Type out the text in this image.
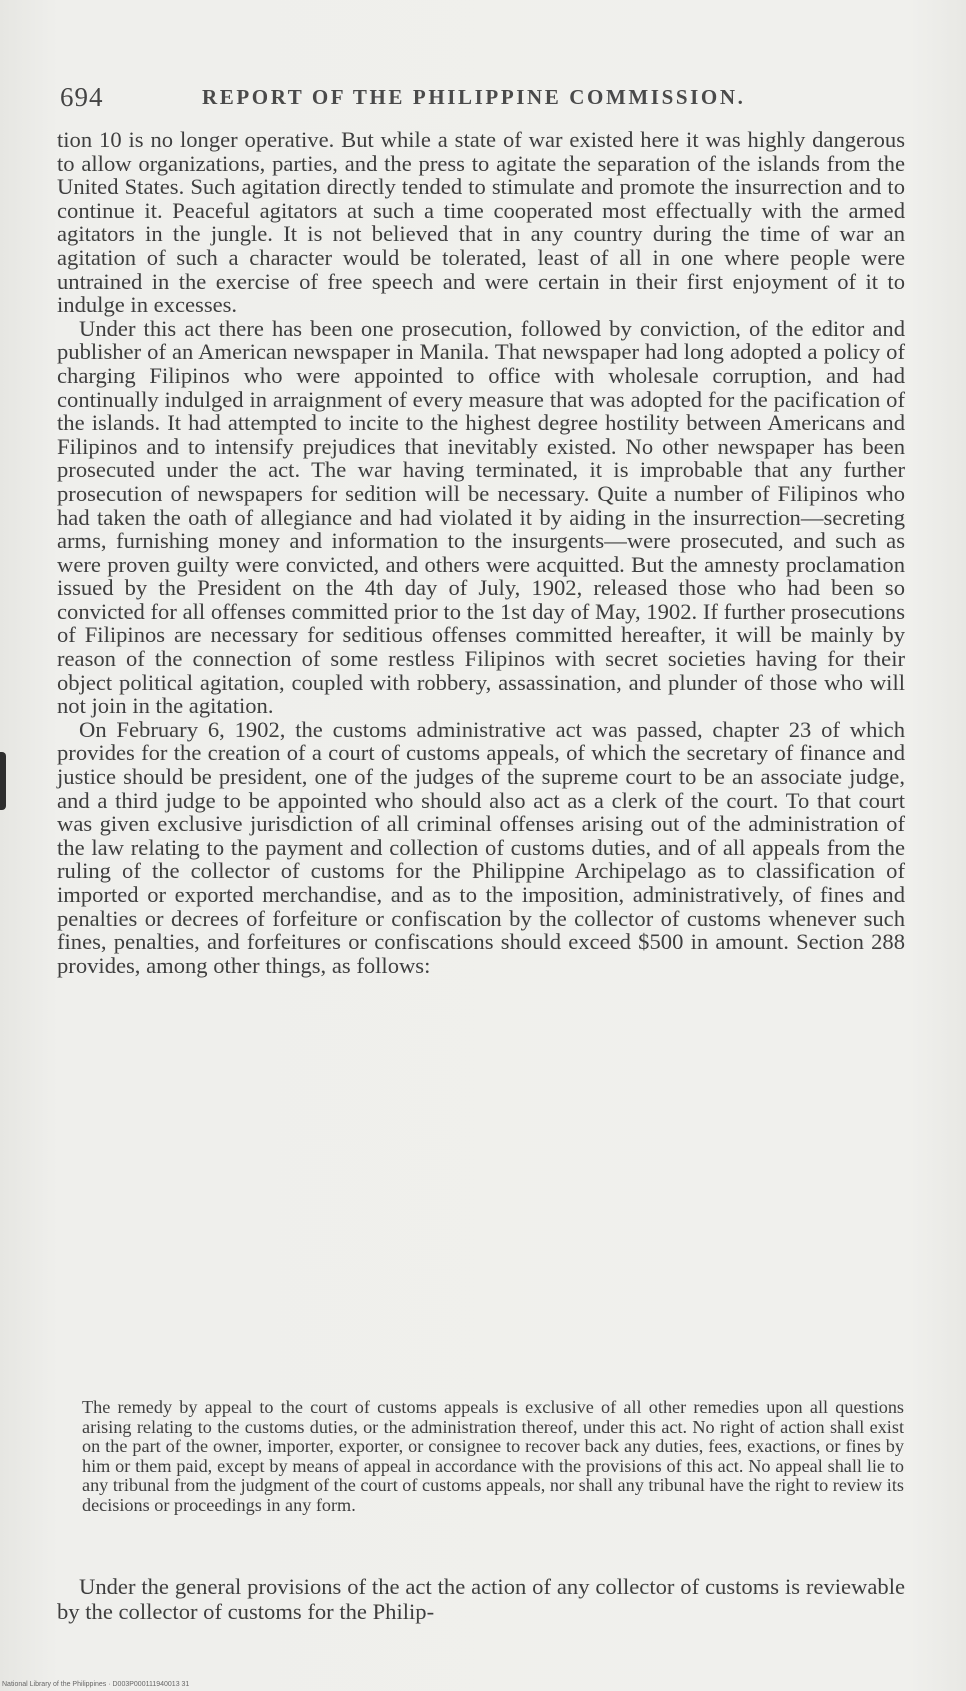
694	REPORT OF THE PHILIPPINE COMMISSION.

tion 10 is no longer operative. But while a state of war existed here it was highly dangerous to allow organizations, parties, and the press to agitate the separation of the islands from the United States. Such agitation directly tended to stimulate and promote the insurrection and to continue it. Peaceful agitators at such a time cooperated most effectually with the armed agitators in the jungle. It is not believed that in any country during the time of war an agitation of such a character would be tolerated, least of all in one where people were untrained in the exercise of free speech and were certain in their first enjoyment of it to indulge in excesses.

Under this act there has been one prosecution, followed by conviction, of the editor and publisher of an American newspaper in Manila. That newspaper had long adopted a policy of charging Filipinos who were appointed to office with wholesale corruption, and had continually indulged in arraignment of every measure that was adopted for the pacification of the islands. It had attempted to incite to the highest degree hostility between Americans and Filipinos and to intensify prejudices that inevitably existed. No other newspaper has been prosecuted under the act. The war having terminated, it is improbable that any further prosecution of newspapers for sedition will be necessary. Quite a number of Filipinos who had taken the oath of allegiance and had violated it by aiding in the insurrection—secreting arms, furnishing money and information to the insurgents—were prosecuted, and such as were proven guilty were convicted, and others were acquitted. But the amnesty proclamation issued by the President on the 4th day of July, 1902, released those who had been so convicted for all offenses committed prior to the 1st day of May, 1902. If further prosecutions of Filipinos are necessary for seditious offenses committed hereafter, it will be mainly by reason of the connection of some restless Filipinos with secret societies having for their object political agitation, coupled with robbery, assassination, and plunder of those who will not join in the agitation.

On February 6, 1902, the customs administrative act was passed, chapter 23 of which provides for the creation of a court of customs appeals, of which the secretary of finance and justice should be president, one of the judges of the supreme court to be an associate judge, and a third judge to be appointed who should also act as a clerk of the court. To that court was given exclusive jurisdiction of all criminal offenses arising out of the administration of the law relating to the payment and collection of customs duties, and of all appeals from the ruling of the collector of customs for the Philippine Archipelago as to classification of imported or exported merchandise, and as to the imposition, administratively, of fines and penalties or decrees of forfeiture or confiscation by the collector of customs whenever such fines, penalties, and forfeitures or confiscations should exceed $500 in amount. Section 288 provides, among other things, as follows:

The remedy by appeal to the court of customs appeals is exclusive of all other remedies upon all questions arising relating to the customs duties, or the administration thereof, under this act. No right of action shall exist on the part of the owner, importer, exporter, or consignee to recover back any duties, fees, exactions, or fines by him or them paid, except by means of appeal in accordance with the provisions of this act. No appeal shall lie to any tribunal from the judgment of the court of customs appeals, nor shall any tribunal have the right to review its decisions or proceedings in any form.

Under the general provisions of the act the action of any collector of customs is reviewable by the collector of customs for the Philip-

National Library of the Philippines · D003P000111940013 31
